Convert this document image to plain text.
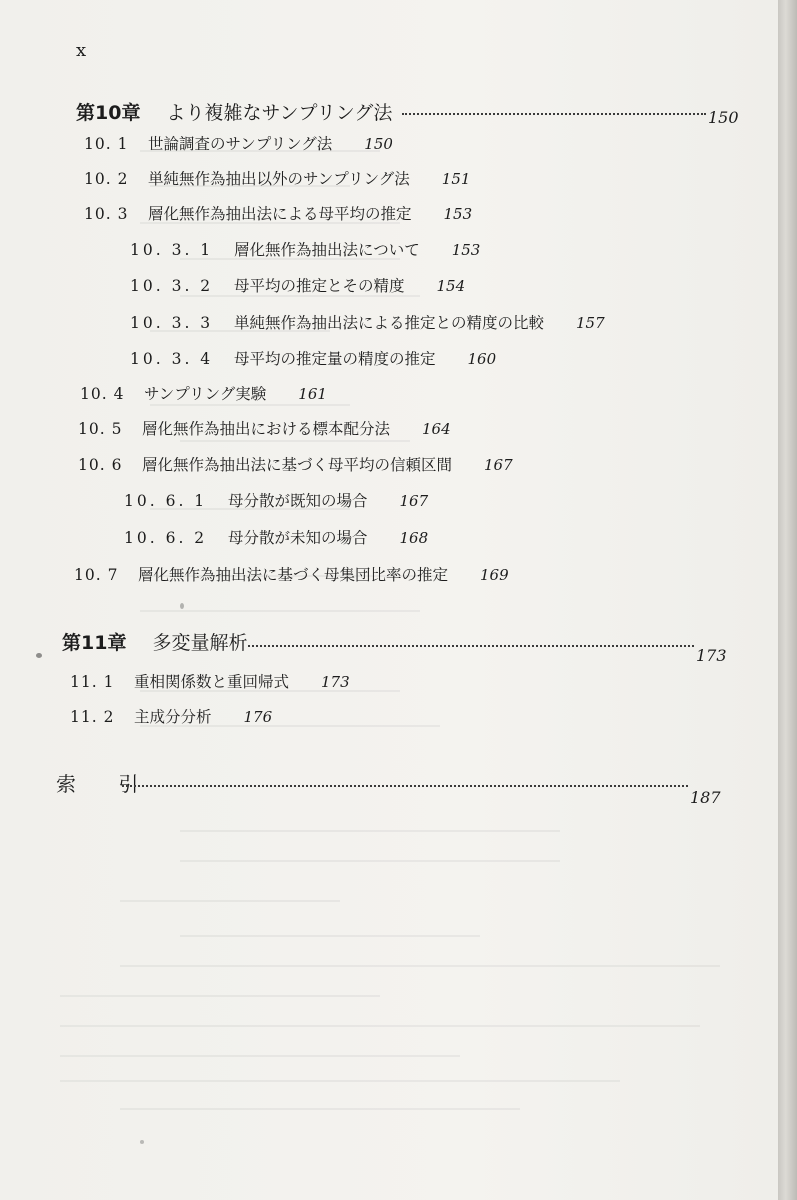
x
第10章 より複雑なサンプリング法	150
10. 1 世論調査のサンプリング法 150
10. 2 単純無作為抽出以外のサンプリング法 151
10. 3 層化無作為抽出法による母平均の推定 153
10. 3. 1 層化無作為抽出法について 153
10. 3. 2 母平均の推定とその精度 154
10. 3. 3 単純無作為抽出法による推定との精度の比較 157
10. 3. 4 母平均の推定量の精度の推定 160
10. 4 サンプリング実験 161
10. 5 層化無作為抽出における標本配分法 164
10. 6 層化無作為抽出法に基づく母平均の信頼区間 167
10. 6. 1 母分散が既知の場合 167
10. 6. 2 母分散が未知の場合 168
10. 7 層化無作為抽出法に基づく母集団比率の推定 169
第11章 多変量解析
173
11. 1 重相関係数と重回帰式 173
11. 2 主成分分析 176
索 引
187
